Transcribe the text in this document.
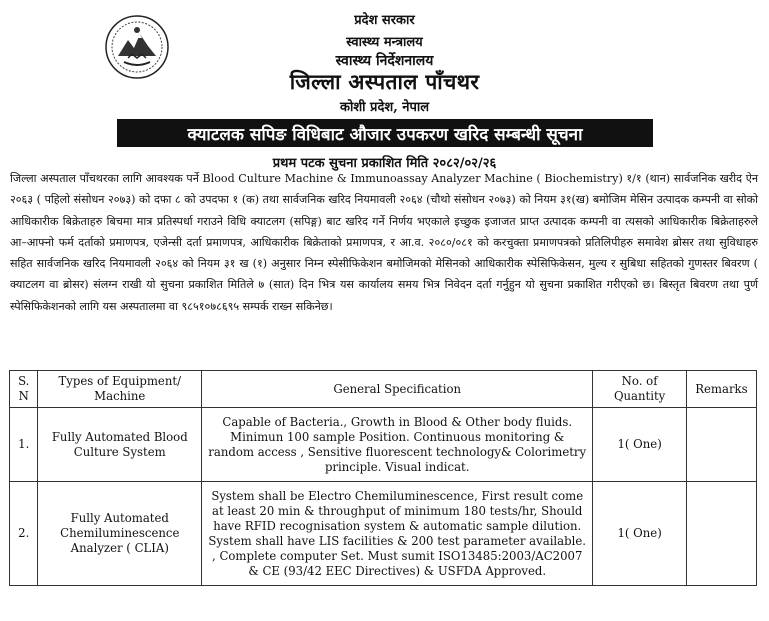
प्रदेश सरकार
स्वास्थ्य मन्त्रालय
स्वास्थ्य निर्देशनालय
जिल्ला अस्पताल पाँचथर
कोशी प्रदेश, नेपाल
क्याटलक सपिङ विधिबाट औजार उपकरण खरिद सम्बन्धी सूचना
प्रथम पटक सुचना प्रकाशित मिति २०८२/०२/२६
जिल्ला अस्पताल पाँचथरका लागि आवश्यक पर्ने Blood Culture Machine & Immunoassay Analyzer Machine ( Biochemistry) १/१ (थान) सार्वजनिक खरीद ऐन २०६३ ( पहिलो संसोधन २०७३) को दफा ८ को उपदफा १ (क) तथा सार्वजनिक खरिद नियमावली २०६४ (चौथो संसोधन २०७३) को नियम ३१(ख) बमोजिम मेसिन उत्पादक कम्पनी वा सोको आधिकारीक बिक्रेताहरु बिचमा मात्र प्रतिस्पर्धा गराउने विधि क्याटलग (सपिङ्ग) बाट खरिद गर्ने निर्णय भएकाले इच्छुक इजाजत प्राप्त उत्पादक कम्पनी वा त्यसको आधिकारीक बिक्रेताहरुले आ–आफ्नो फर्म दर्ताको प्रमाणपत्र, एजेन्सी दर्ता प्रमाणपत्र, आधिकारीक बिक्रेताको प्रमाणपत्र, र आ.व. २०८०/०८१ को करचुक्ता प्रमाणपत्रको प्रतिलिपीहरु समावेश ब्रोसर तथा सुविधाहरु सहित सार्वजनिक खरिद नियमावली २०६४ को नियम ३१ ख (१) अनुसार निम्न स्पेसीफिकेशन बमोजिमको मेसिनको आधिकारीक स्पेसिफिकेसन, मुल्य र सुबिधा सहितको गुणस्तर बिवरण ( क्याटलग वा ब्रोसर) संलग्न राखी यो सुचना प्रकाशित मितिले ७ (सात) दिन भित्र यस कार्यालय समय भित्र निवेदन दर्ता गर्नुहुन यो सुचना प्रकाशित गरीएको छ। बिस्तृत बिवरण तथा पुर्ण स्पेसिफिकेशनको लागि यस अस्पतालमा वा ९८५१०७८६९५ सम्पर्क राख्न सकिनेछ।
S. N	Types of Equipment/ Machine	General Specification	No. of Quantity	Remarks
1.	Fully Automated Blood Culture System	Capable of Bacteria., Growth in Blood & Other body fluids. Minimun 100 sample Position. Continuous monitoring & random access , Sensitive fluorescent technology& Colorimetry principle. Visual indicat.	1( One)	
2.	Fully Automated Chemiluminescence Analyzer ( CLIA)	System shall be Electro Chemiluminescence, First result come at least 20 min & throughput of minimum 180 tests/hr, Should have RFID recognisation system & automatic sample dilution. System shall have LIS facilities & 200 test parameter available. , Complete computer Set. Must sumit ISO13485:2003/AC2007 & CE (93/42 EEC Directives) & USFDA Approved.	1( One)	
